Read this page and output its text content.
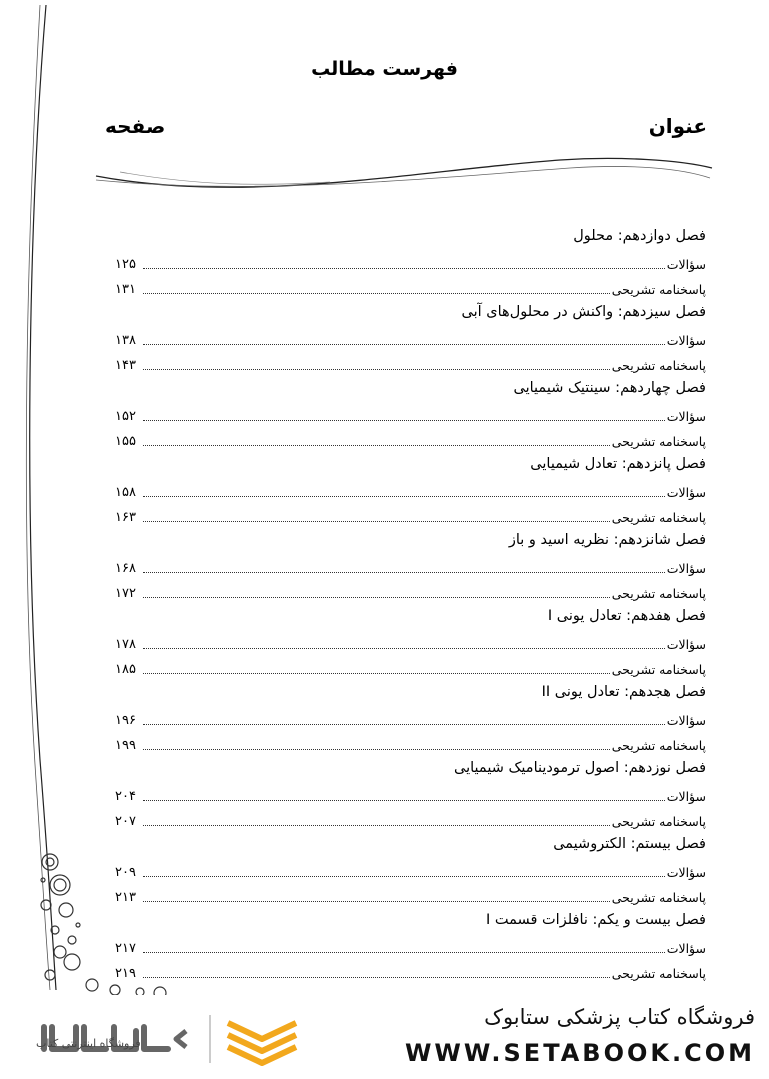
فهرست مطالب
عنوان
صفحه
فصل دوازدهم: محلول
سؤالات
۱۲۵
پاسخنامه تشریحی
۱۳۱
فصل سیزدهم: واکنش در محلول‌های آبی
سؤالات
۱۳۸
پاسخنامه تشریحی
۱۴۳
فصل چهاردهم: سینتیک شیمیایی
سؤالات
۱۵۲
پاسخنامه تشریحی
۱۵۵
فصل پانزدهم: تعادل شیمیایی
سؤالات
۱۵۸
پاسخنامه تشریحی
۱۶۳
فصل شانزدهم: نظریه اسید و باز
سؤالات
۱۶۸
پاسخنامه تشریحی
۱۷۲
فصل هفدهم: تعادل یونی I
سؤالات
۱۷۸
پاسخنامه تشریحی
۱۸۵
فصل هجدهم: تعادل یونی II
سؤالات
۱۹۶
پاسخنامه تشریحی
۱۹۹
فصل نوزدهم: اصول ترمودینامیک شیمیایی
سؤالات
۲۰۴
پاسخنامه تشریحی
۲۰۷
فصل بیستم: الکتروشیمی
سؤالات
۲۰۹
پاسخنامه تشریحی
۲۱۳
فصل بیست و یکم: نافلزات قسمت I
سؤالات
۲۱۷
پاسخنامه تشریحی
۲۱۹
فروشگاه اینترنتی کتاب
فروشگاه کتاب پزشکی ستابوک
WWW.SETABOOK.COM
